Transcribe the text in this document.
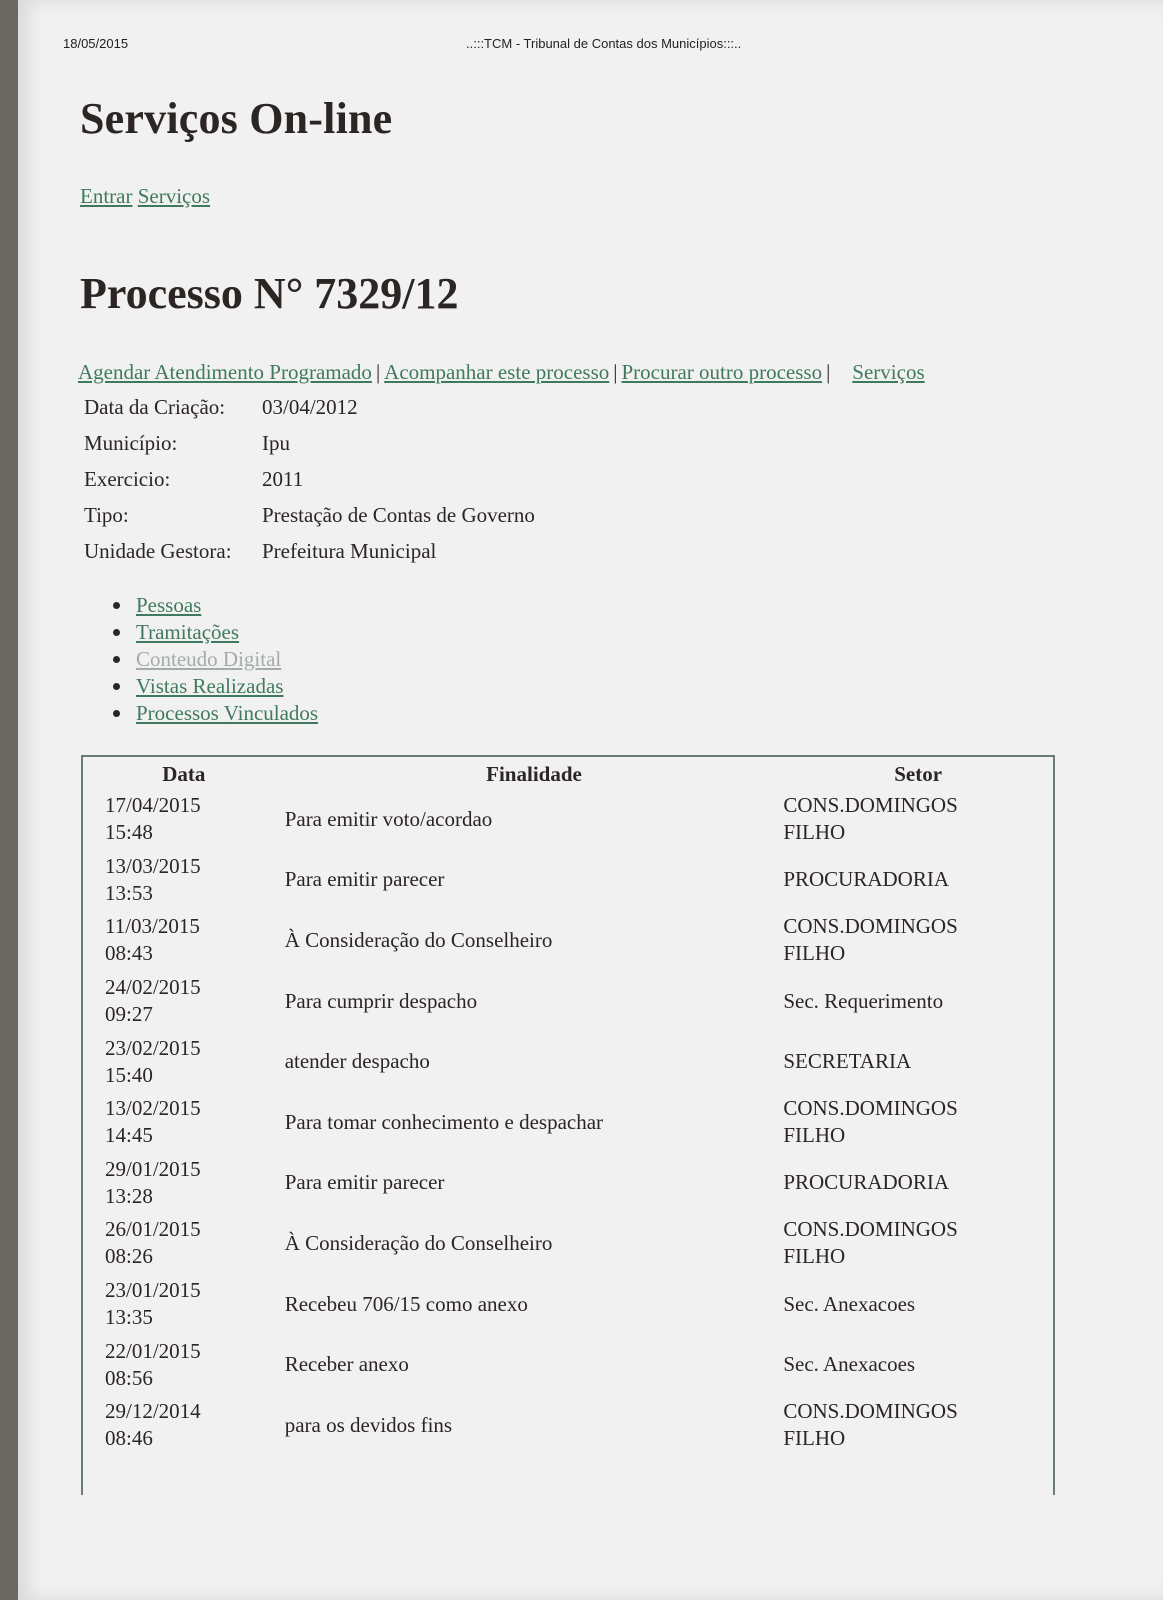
18/05/2015	..:::TCM - Tribunal de Contas dos Municípios:::..
Serviços On-line
Entrar Serviços
Processo N° 7329/12
Agendar Atendimento Programado | Acompanhar este processo | Procurar outro processo | Serviços
Data da Criação:	03/04/2012
Município:	Ipu
Exercicio:	2011
Tipo:	Prestação de Contas de Governo
Unidade Gestora:	Prefeitura Municipal
Pessoas
Tramitações
Conteudo Digital
Vistas Realizadas
Processos Vinculados
Data	Finalidade	Setor

17/04/2015
15:48	Para emitir voto/acordao	CONS.DOMINGOS
FILHO

13/03/2015
13:53	Para emitir parecer	PROCURADORIA

11/03/2015
08:43	À Consideração do Conselheiro	CONS.DOMINGOS
FILHO

24/02/2015
09:27	Para cumprir despacho	Sec. Requerimento

23/02/2015
15:40	atender despacho	SECRETARIA

13/02/2015
14:45	Para tomar conhecimento e despachar	CONS.DOMINGOS
FILHO

29/01/2015
13:28	Para emitir parecer	PROCURADORIA

26/01/2015
08:26	À Consideração do Conselheiro	CONS.DOMINGOS
FILHO

23/01/2015
13:35	Recebeu 706/15 como anexo	Sec. Anexacoes

22/01/2015
08:56	Receber anexo	Sec. Anexacoes

29/12/2014
08:46	para os devidos fins	CONS.DOMINGOS
FILHO
